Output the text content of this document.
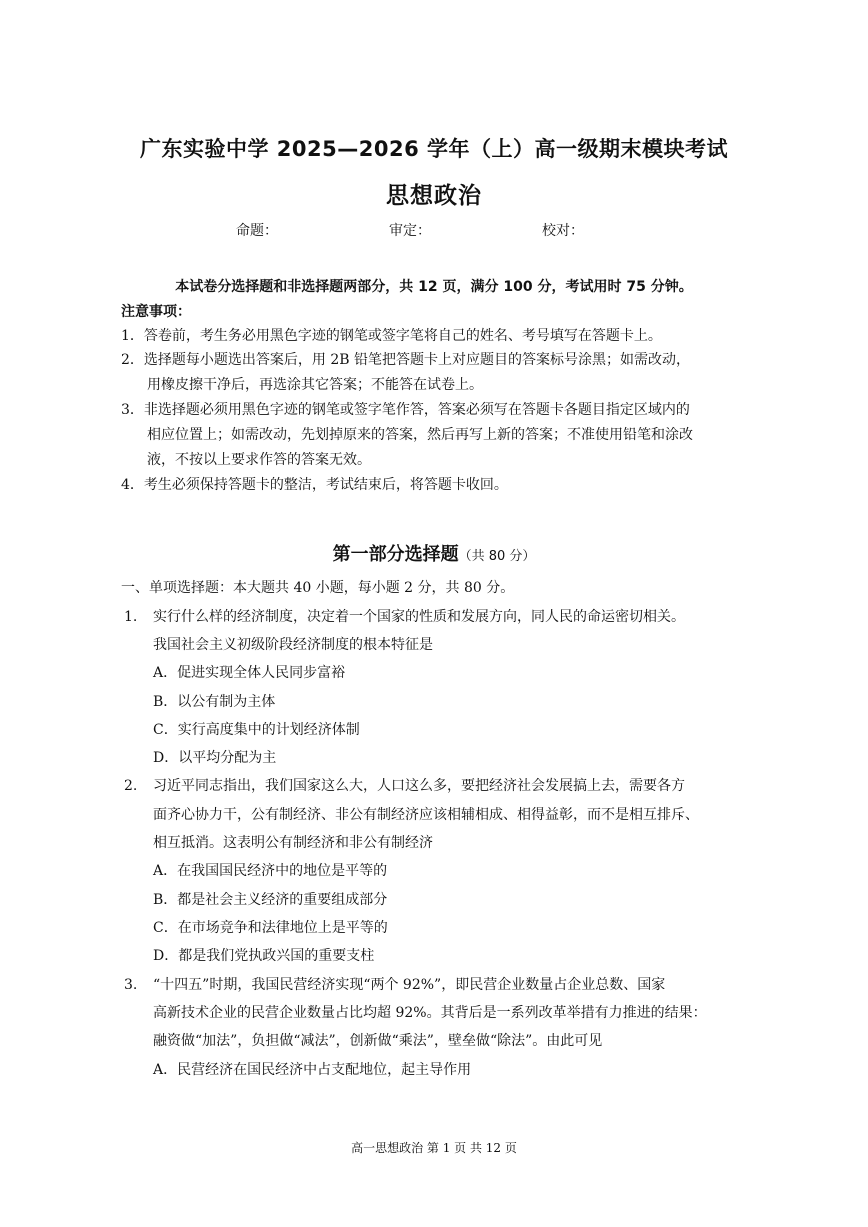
广东实验中学 2025—2026 学年（上）高一级期末模块考试
思想政治
命题：	审定：	校对：
本试卷分选择题和非选择题两部分，共 12 页，满分 100 分，考试用时 75 分钟。
注意事项：
1．答卷前，考生务必用黑色字迹的钢笔或签字笔将自己的姓名、考号填写在答题卡上。
2．选择题每小题选出答案后，用 2B 铅笔把答题卡上对应题目的答案标号涂黑；如需改动，
用橡皮擦干净后，再选涂其它答案；不能答在试卷上。
3．非选择题必须用黑色字迹的钢笔或签字笔作答，答案必须写在答题卡各题目指定区域内的
相应位置上；如需改动，先划掉原来的答案，然后再写上新的答案；不准使用铅笔和涂改
液，不按以上要求作答的答案无效。
4．考生必须保持答题卡的整洁，考试结束后，将答题卡收回。
第一部分选择题（共 80 分）
一、单项选择题：本大题共 40 小题，每小题 2 分，共 80 分。
1. 实行什么样的经济制度，决定着一个国家的性质和发展方向，同人民的命运密切相关。
我国社会主义初级阶段经济制度的根本特征是
A．促进实现全体人民同步富裕
B．以公有制为主体
C．实行高度集中的计划经济体制
D．以平均分配为主
2. 习近平同志指出，我们国家这么大，人口这么多，要把经济社会发展搞上去，需要各方
面齐心协力干，公有制经济、非公有制经济应该相辅相成、相得益彰，而不是相互排斥、
相互抵消。这表明公有制经济和非公有制经济
A．在我国国民经济中的地位是平等的
B．都是社会主义经济的重要组成部分
C．在市场竞争和法律地位上是平等的
D．都是我们党执政兴国的重要支柱
3. “十四五”时期，我国民营经济实现“两个 92%”，即民营企业数量占企业总数、国家
高新技术企业的民营企业数量占比均超 92%。其背后是一系列改革举措有力推进的结果：
融资做“加法”，负担做“减法”，创新做“乘法”，壁垒做“除法”。由此可见
A．民营经济在国民经济中占支配地位，起主导作用
高一思想政治 第 1 页 共 12 页
